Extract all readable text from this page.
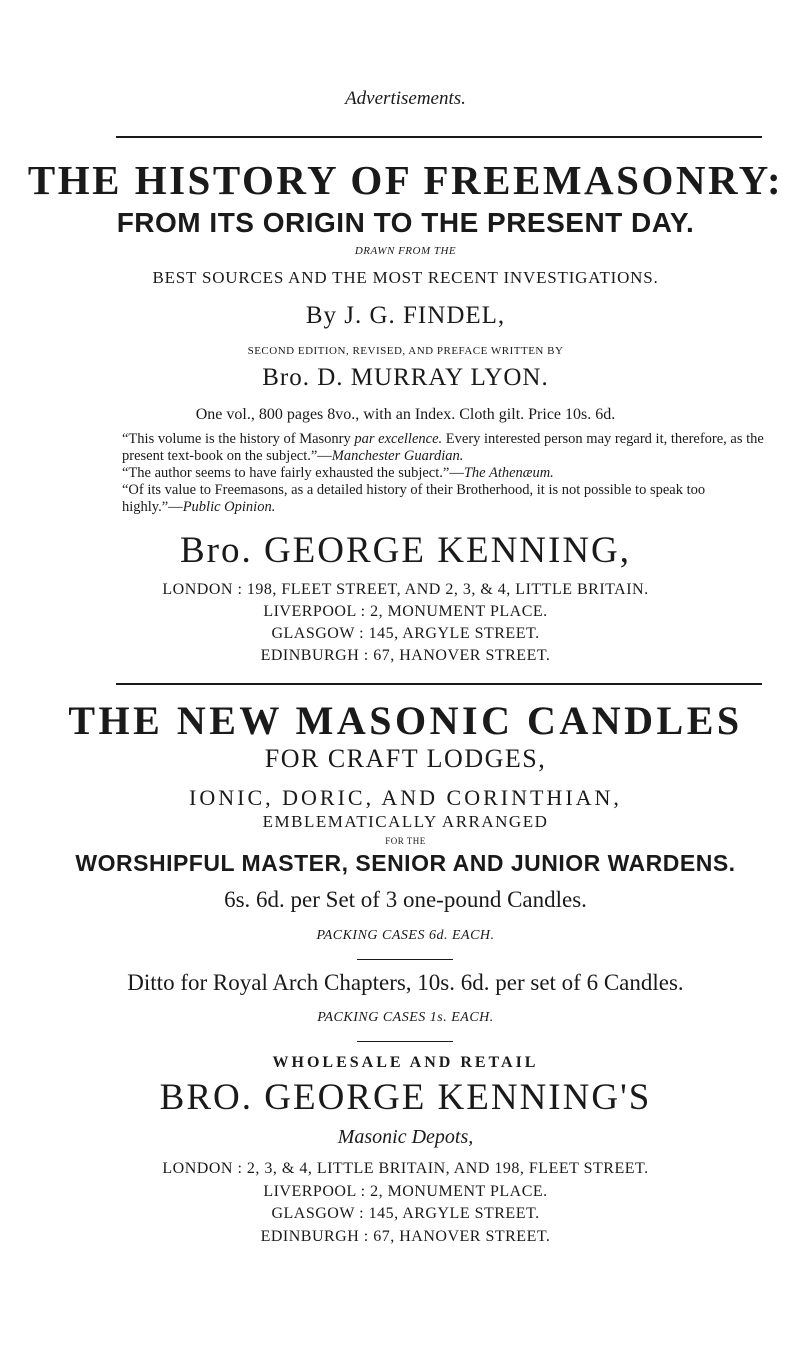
Advertisements.

THE HISTORY OF FREEMASONRY:

FROM ITS ORIGIN TO THE PRESENT DAY.

DRAWN FROM THE

BEST SOURCES AND THE MOST RECENT INVESTIGATIONS.

By J. G. FINDEL,

SECOND EDITION, REVISED, AND PREFACE WRITTEN BY

Bro. D. MURRAY LYON.

One vol., 800 pages 8vo., with an Index. Cloth gilt. Price 10s. 6d.

“This volume is the history of Masonry par excellence. Every interested person may regard it, therefore, as the present text-book on the subject.”—Manchester Guardian.
“The author seems to have fairly exhausted the subject.”—The Athenæum.
“Of its value to Freemasons, as a detailed history of their Brotherhood, it is not possible to speak too highly.”—Public Opinion.

Bro. GEORGE KENNING,

LONDON : 198, FLEET STREET, AND 2, 3, & 4, LITTLE BRITAIN.

LIVERPOOL : 2, MONUMENT PLACE.

GLASGOW : 145, ARGYLE STREET.

EDINBURGH : 67, HANOVER STREET.

THE NEW MASONIC CANDLES

FOR CRAFT LODGES,

IONIC, DORIC, AND CORINTHIAN,

EMBLEMATICALLY ARRANGED

FOR THE

WORSHIPFUL MASTER, SENIOR AND JUNIOR WARDENS.

6s. 6d. per Set of 3 one-pound Candles.

PACKING CASES 6d. EACH.

Ditto for Royal Arch Chapters, 10s. 6d. per set of 6 Candles.

PACKING CASES 1s. EACH.

WHOLESALE AND RETAIL

BRO. GEORGE KENNING'S

Masonic Depots,

LONDON : 2, 3, & 4, LITTLE BRITAIN, AND 198, FLEET STREET.

LIVERPOOL : 2, MONUMENT PLACE.

GLASGOW : 145, ARGYLE STREET.

EDINBURGH : 67, HANOVER STREET.
